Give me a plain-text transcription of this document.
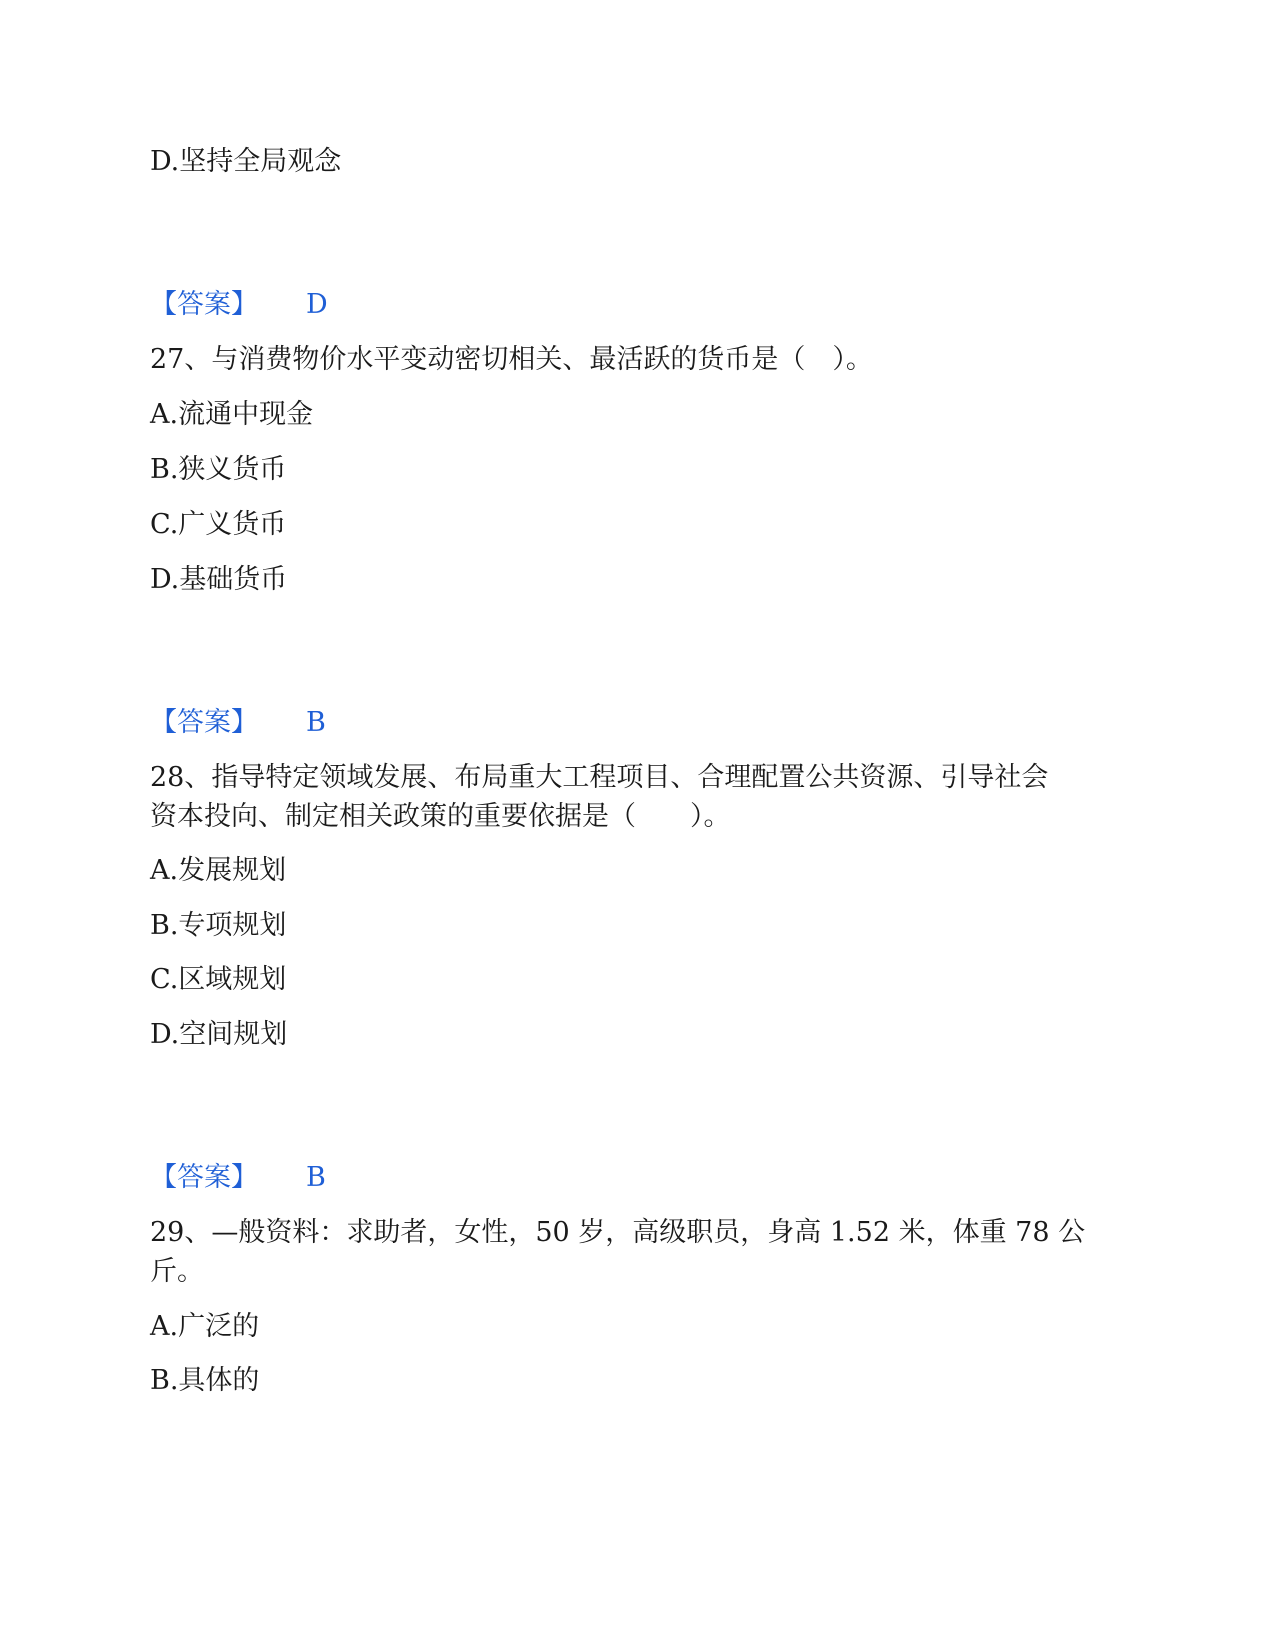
D.坚持全局观念
【答案】 D
27、与消费物价水平变动密切相关、最活跃的货币是（　）。
A.流通中现金
B.狭义货币
C.广义货币
D.基础货币
【答案】 B
28、指导特定领域发展、布局重大工程项目、合理配置公共资源、引导社会
资本投向、制定相关政策的重要依据是（　　）。
A.发展规划
B.专项规划
C.区域规划
D.空间规划
【答案】 B
29、—般资料：求助者，女性，50 岁，高级职员，身高 1.52 米，体重 78 公
斤。
A.广泛的
B.具体的
